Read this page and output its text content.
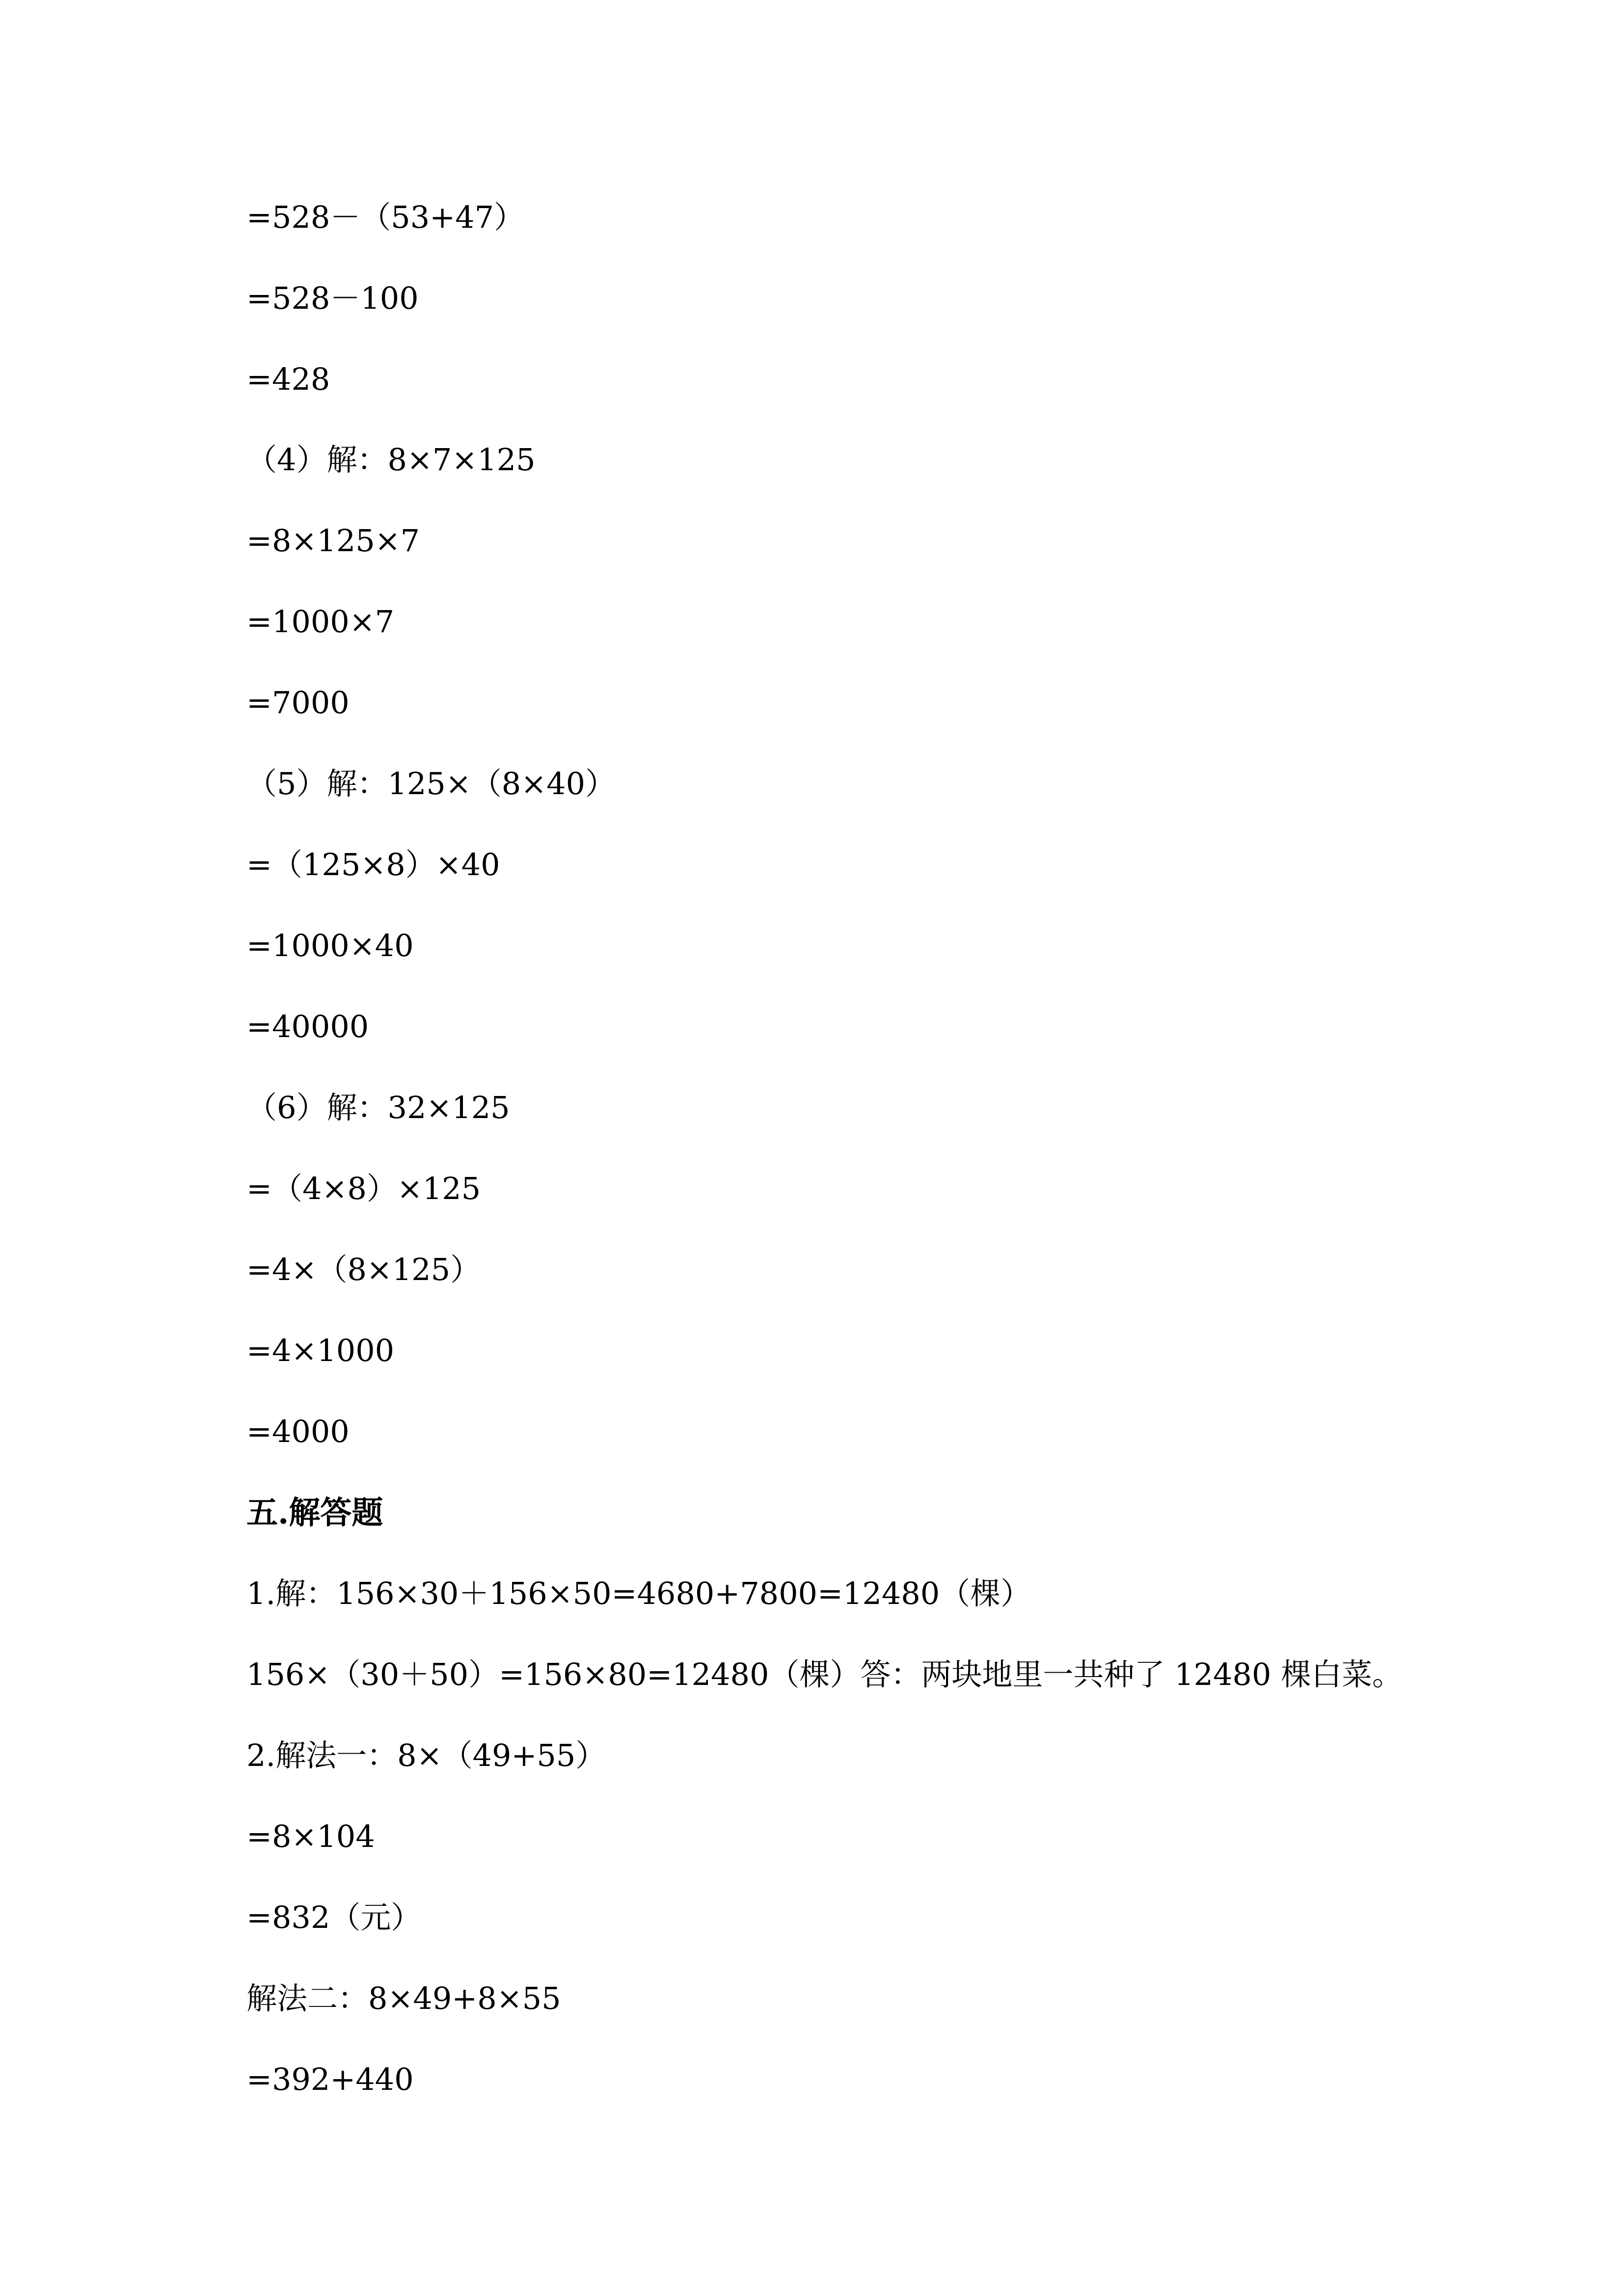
=528－（53+47）
=528－100
=428
（4）解：8×7×125
=8×125×7
=1000×7
=7000
（5）解：125×（8×40）
=（125×8）×40
=1000×40
=40000
（6）解：32×125
=（4×8）×125
=4×（8×125）
=4×1000
=4000
五.解答题
1.解：156×30＋156×50=4680+7800=12480（棵）
156×（30＋50）=156×80=12480（棵）答：两块地里一共种了 12480 棵白菜。
2.解法一：8×（49+55）
=8×104
=832（元）
解法二：8×49+8×55
=392+440
